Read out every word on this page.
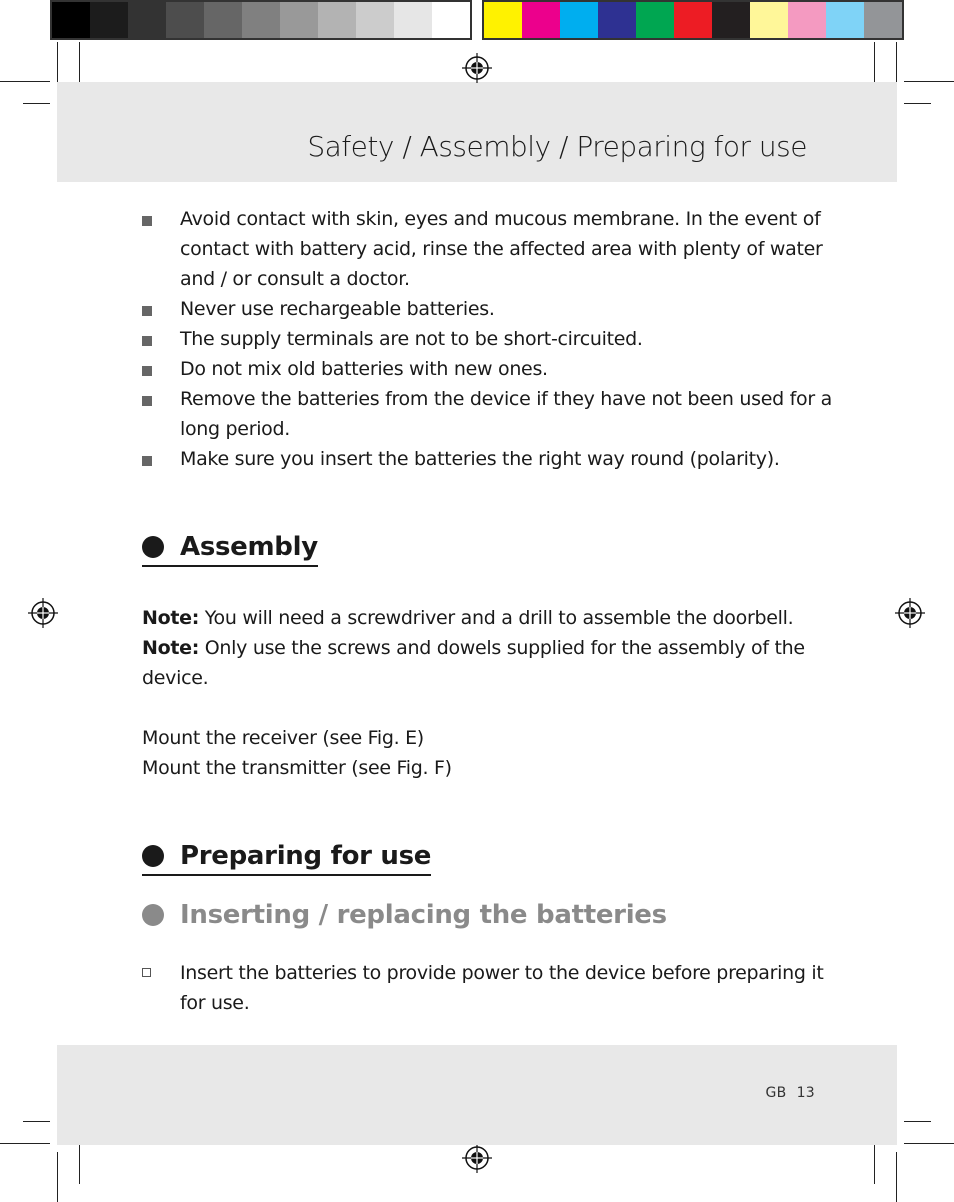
Safety / Assembly / Preparing for use
Avoid contact with skin, eyes and mucous membrane. In the event of contact with battery acid, rinse the affected area with plenty of water and / or consult a doctor.
Never use rechargeable batteries.
The supply terminals are not to be short-circuited.
Do not mix old batteries with new ones.
Remove the batteries from the device if they have not been used for a long period.
Make sure you insert the batteries the right way round (polarity).
Assembly

Note: You will need a screwdriver and a drill to assemble the doorbell.

Note: Only use the screws and dowels supplied for the assembly of the device.

Mount the receiver (see Fig. E)

Mount the transmitter (see Fig. F)

Preparing for use
Inserting / replacing the batteries
Insert the batteries to provide power to the device before preparing it for use.
GB 13
